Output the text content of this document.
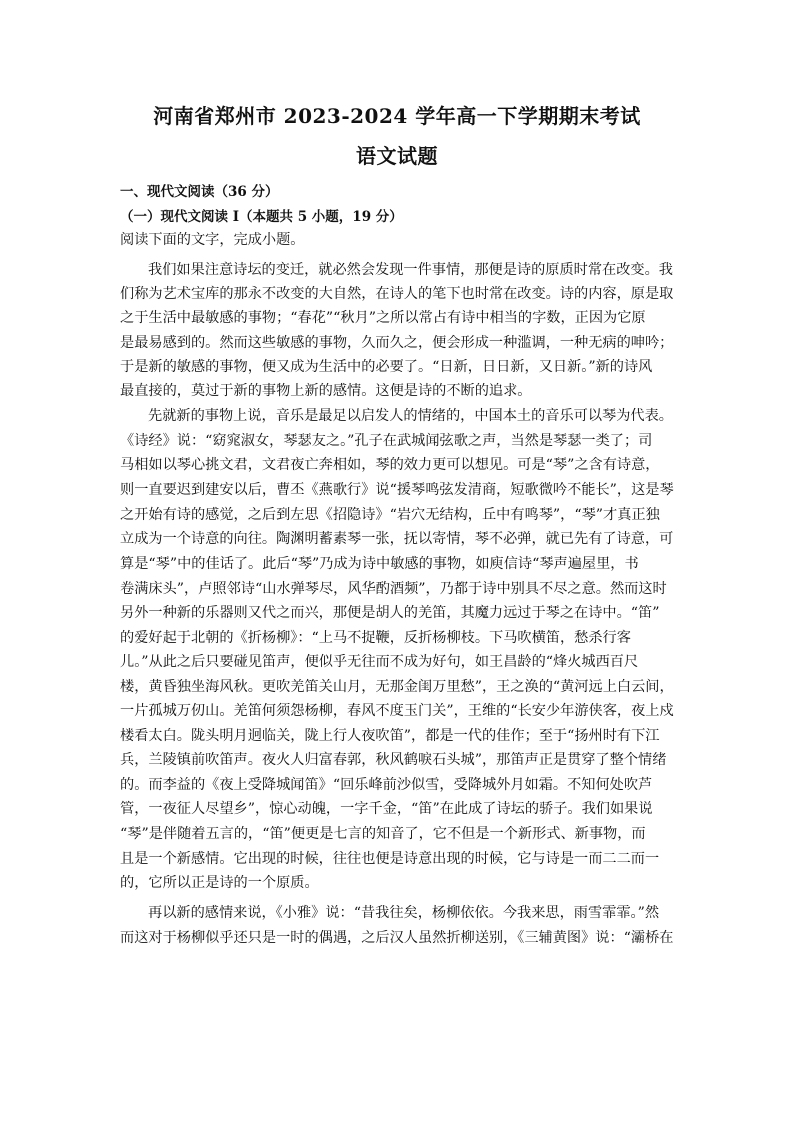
河南省郑州市 2023-2024 学年高一下学期期末考试
语文试题
一、现代文阅读（36 分）
（一）现代文阅读 I（本题共 5 小题，19 分）
阅读下面的文字，完成小题。
我们如果注意诗坛的变迁，就必然会发现一件事情，那便是诗的原质时常在改变。我
们称为艺术宝库的那永不改变的大自然，在诗人的笔下也时常在改变。诗的内容，原是取
之于生活中最敏感的事物；“春花”“秋月”之所以常占有诗中相当的字数，正因为它原
是最易感到的。然而这些敏感的事物，久而久之，便会形成一种滥调，一种无病的呻吟；
于是新的敏感的事物，便又成为生活中的必要了。“日新，日日新，又日新。”新的诗风
最直接的，莫过于新的事物上新的感情。这便是诗的不断的追求。
先就新的事物上说，音乐是最足以启发人的情绪的，中国本土的音乐可以琴为代表。
《诗经》说：“窈窕淑女，琴瑟友之。”孔子在武城闻弦歌之声，当然是琴瑟一类了；司
马相如以琴心挑文君，文君夜亡奔相如，琴的效力更可以想见。可是“琴”之含有诗意，
则一直要迟到建安以后，曹丕《燕歌行》说“援琴鸣弦发清商，短歌微吟不能长”，这是琴
之开始有诗的感觉，之后到左思《招隐诗》“岩穴无结构，丘中有鸣琴”，“琴”才真正独
立成为一个诗意的向往。陶渊明蓄素琴一张，抚以寄情，琴不必弹，就已先有了诗意，可
算是“琴”中的佳话了。此后“琴”乃成为诗中敏感的事物，如庾信诗“琴声遍屋里，书
卷满床头”，卢照邻诗“山水弹琴尽，风华酌酒频”，乃都于诗中别具不尽之意。然而这时
另外一种新的乐器则又代之而兴，那便是胡人的羌笛，其魔力远过于琴之在诗中。“笛”
的爱好起于北朝的《折杨柳》：“上马不捉鞭，反折杨柳枝。下马吹横笛，愁杀行客
儿。”从此之后只要碰见笛声，便似乎无往而不成为好句，如王昌龄的“烽火城西百尺
楼，黄昏独坐海风秋。更吹羌笛关山月，无那金闺万里愁”，王之涣的“黄河远上白云间，
一片孤城万仞山。羌笛何须怨杨柳，春风不度玉门关”，王维的“长安少年游侠客，夜上戍
楼看太白。陇头明月迥临关，陇上行人夜吹笛”，都是一代的佳作；至于“扬州时有下江
兵，兰陵镇前吹笛声。夜火人归富春郭，秋风鹤唳石头城”，那笛声正是贯穿了整个情绪
的。而李益的《夜上受降城闻笛》“回乐峰前沙似雪，受降城外月如霜。不知何处吹芦
管，一夜征人尽望乡”，惊心动魄，一字千金，“笛”在此成了诗坛的骄子。我们如果说
“琴”是伴随着五言的，“笛”便更是七言的知音了，它不但是一个新形式、新事物，而
且是一个新感情。它出现的时候，往往也便是诗意出现的时候，它与诗是一而二二而一
的，它所以正是诗的一个原质。
再以新的感情来说，《小雅》说：“昔我往矣，杨柳依依。今我来思，雨雪霏霏。”然
而这对于杨柳似乎还只是一时的偶遇，之后汉人虽然折柳送别，《三辅黄图》说：“灞桥在
